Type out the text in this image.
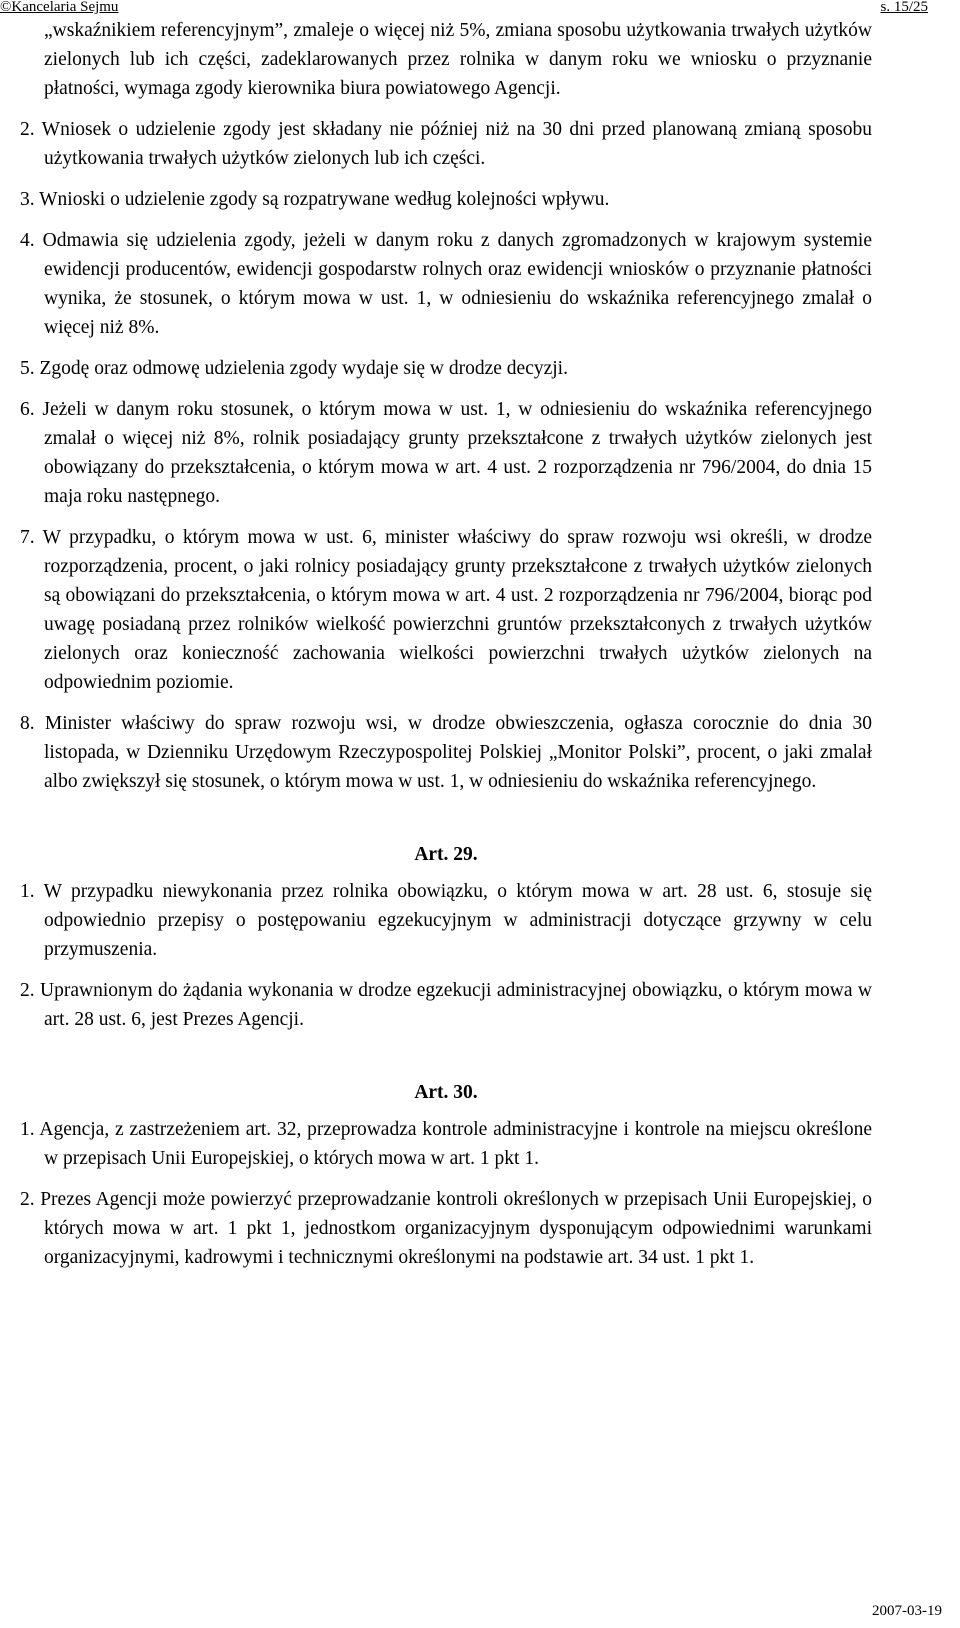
©Kancelaria Sejmu	s. 15/25

„wskaźnikiem referencyjnym”, zmaleje o więcej niż 5%, zmiana sposobu użytkowania trwałych użytków zielonych lub ich części, zadeklarowanych przez rolnika w danym roku we wniosku o przyznanie płatności, wymaga zgody kierownika biura powiatowego Agencji.

2. Wniosek o udzielenie zgody jest składany nie później niż na 30 dni przed planowaną zmianą sposobu użytkowania trwałych użytków zielonych lub ich części.

3. Wnioski o udzielenie zgody są rozpatrywane według kolejności wpływu.

4. Odmawia się udzielenia zgody, jeżeli w danym roku z danych zgromadzonych w krajowym systemie ewidencji producentów, ewidencji gospodarstw rolnych oraz ewidencji wniosków o przyznanie płatności wynika, że stosunek, o którym mowa w ust. 1, w odniesieniu do wskaźnika referencyjnego zmalał o więcej niż 8%.

5. Zgodę oraz odmowę udzielenia zgody wydaje się w drodze decyzji.

6. Jeżeli w danym roku stosunek, o którym mowa w ust. 1, w odniesieniu do wskaźnika referencyjnego zmalał o więcej niż 8%, rolnik posiadający grunty przekształcone z trwałych użytków zielonych jest obowiązany do przekształcenia, o którym mowa w art. 4 ust. 2 rozporządzenia nr 796/2004, do dnia 15 maja roku następnego.

7. W przypadku, o którym mowa w ust. 6, minister właściwy do spraw rozwoju wsi określi, w drodze rozporządzenia, procent, o jaki rolnicy posiadający grunty przekształcone z trwałych użytków zielonych są obowiązani do przekształcenia, o którym mowa w art. 4 ust. 2 rozporządzenia nr 796/2004, biorąc pod uwagę posiadaną przez rolników wielkość powierzchni gruntów przekształconych z trwałych użytków zielonych oraz konieczność zachowania wielkości powierzchni trwałych użytków zielonych na odpowiednim poziomie.

8. Minister właściwy do spraw rozwoju wsi, w drodze obwieszczenia, ogłasza corocznie do dnia 30 listopada, w Dzienniku Urzędowym Rzeczypospolitej Polskiej „Monitor Polski”, procent, o jaki zmalał albo zwiększył się stosunek, o którym mowa w ust. 1, w odniesieniu do wskaźnika referencyjnego.

Art. 29.

1. W przypadku niewykonania przez rolnika obowiązku, o którym mowa w art. 28 ust. 6, stosuje się odpowiednio przepisy o postępowaniu egzekucyjnym w administracji dotyczące grzywny w celu przymuszenia.

2. Uprawnionym do żądania wykonania w drodze egzekucji administracyjnej obowiązku, o którym mowa w art. 28 ust. 6, jest Prezes Agencji.

Art. 30.

1. Agencja, z zastrzeżeniem art. 32, przeprowadza kontrole administracyjne i kontrole na miejscu określone w przepisach Unii Europejskiej, o których mowa w art. 1 pkt 1.

2. Prezes Agencji może powierzyć przeprowadzanie kontroli określonych w przepisach Unii Europejskiej, o których mowa w art. 1 pkt 1, jednostkom organizacyjnym dysponującym odpowiednimi warunkami organizacyjnymi, kadrowymi i technicznymi określonymi na podstawie art. 34 ust. 1 pkt 1.

2007-03-19
